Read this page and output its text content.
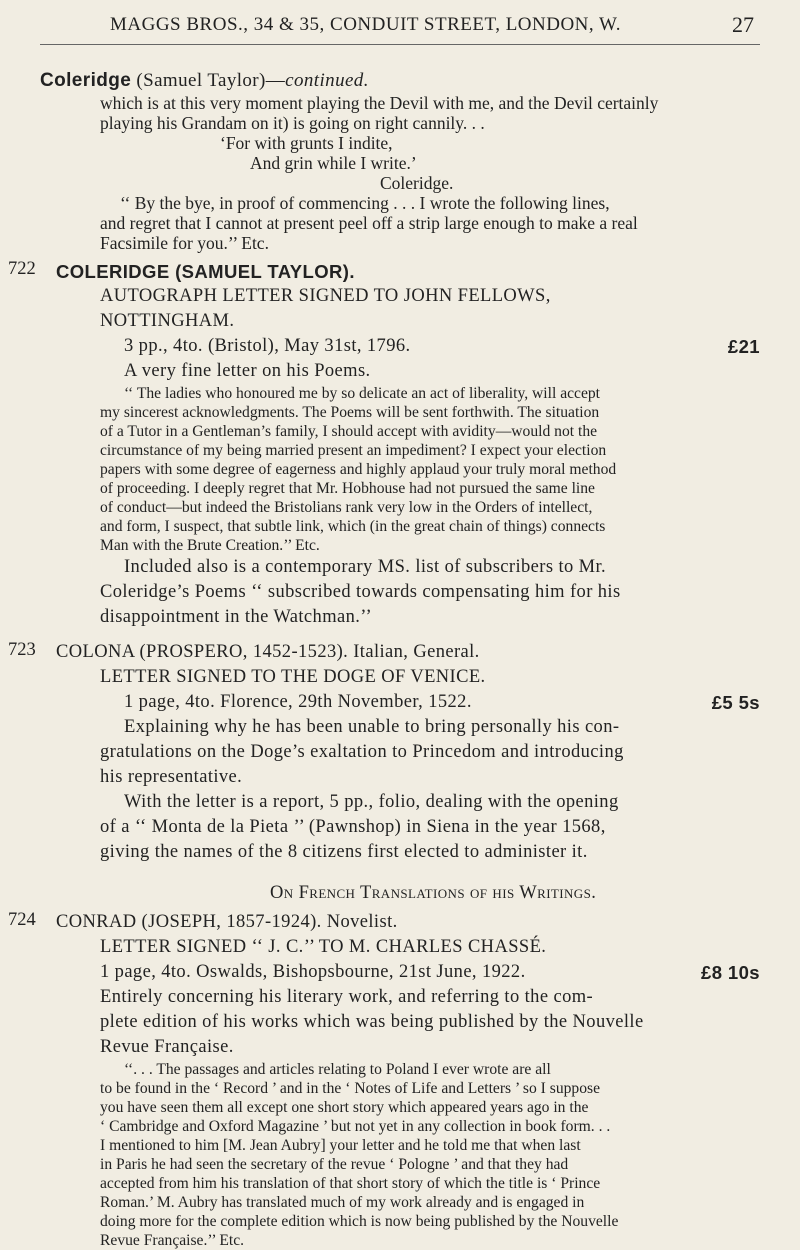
MAGGS BROS., 34 & 35, CONDUIT STREET, LONDON, W.	27
Coleridge (Samuel Taylor)—continued.
which is at this very moment playing the Devil with me, and the Devil certainly
playing his Grandam on it) is going on right cannily. . .
‘For with grunts I indite,
And grin while I write.’
Coleridge.
‘‘ By the bye, in proof of commencing . . . I wrote the following lines,
and regret that I cannot at present peel off a strip large enough to make a real
Facsimile for you.’’ Etc.
722	COLERIDGE (SAMUEL TAYLOR).
AUTOGRAPH LETTER SIGNED TO JOHN FELLOWS,
NOTTINGHAM.
3 pp., 4to. (Bristol), May 31st, 1796.	£21
A very fine letter on his Poems.
‘‘ The ladies who honoured me by so delicate an act of liberality, will accept
my sincerest acknowledgments. The Poems will be sent forthwith. The situation
of a Tutor in a Gentleman’s family, I should accept with avidity—would not the
circumstance of my being married present an impediment? I expect your election
papers with some degree of eagerness and highly applaud your truly moral method
of proceeding. I deeply regret that Mr. Hobhouse had not pursued the same line
of conduct—but indeed the Bristolians rank very low in the Orders of intellect,
and form, I suspect, that subtle link, which (in the great chain of things) connects
Man with the Brute Creation.’’ Etc.
Included also is a contemporary MS. list of subscribers to Mr.
Coleridge’s Poems ‘‘ subscribed towards compensating him for his
disappointment in the Watchman.’’
723	COLONA (PROSPERO, 1452-1523). Italian, General.
LETTER SIGNED TO THE DOGE OF VENICE.
1 page, 4to. Florence, 29th November, 1522.	£5 5s
Explaining why he has been unable to bring personally his con-
gratulations on the Doge’s exaltation to Princedom and introducing
his representative.
With the letter is a report, 5 pp., folio, dealing with the opening
of a ‘‘ Monta de la Pieta ’’ (Pawnshop) in Siena in the year 1568,
giving the names of the 8 citizens first elected to administer it.
On French Translations of his Writings.
724	CONRAD (JOSEPH, 1857-1924). Novelist.
LETTER SIGNED ‘‘ J. C.’’ TO M. CHARLES CHASSÉ.
1 page, 4to. Oswalds, Bishopsbourne, 21st June, 1922.	£8 10s
Entirely concerning his literary work, and referring to the com-
plete edition of his works which was being published by the Nouvelle
Revue Française.
‘‘. . . The passages and articles relating to Poland I ever wrote are all
to be found in the ‘ Record ’ and in the ‘ Notes of Life and Letters ’ so I suppose
you have seen them all except one short story which appeared years ago in the
‘ Cambridge and Oxford Magazine ’ but not yet in any collection in book form. . .
I mentioned to him [M. Jean Aubry] your letter and he told me that when last
in Paris he had seen the secretary of the revue ‘ Pologne ’ and that they had
accepted from him his translation of that short story of which the title is ‘ Prince
Roman.’ M. Aubry has translated much of my work already and is engaged in
doing more for the complete edition which is now being published by the Nouvelle
Revue Française.’’ Etc.
